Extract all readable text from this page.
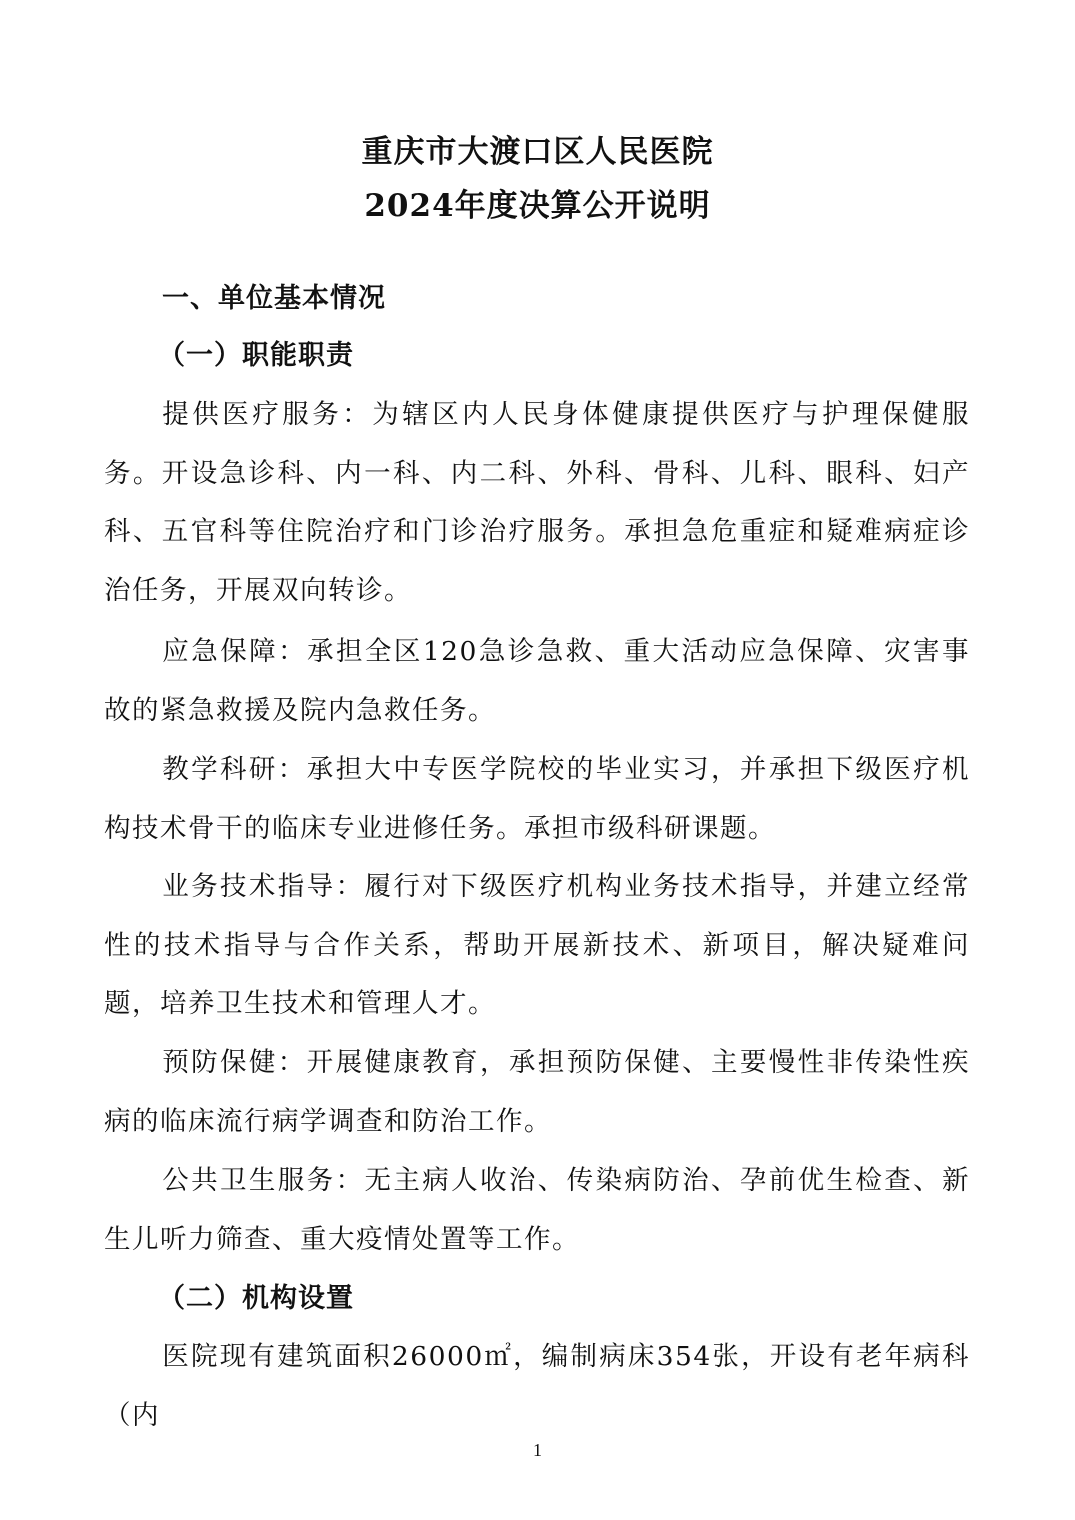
重庆市大渡口区人民医院
2024年度决算公开说明
一、单位基本情况
（一）职能职责
提供医疗服务：为辖区内人民身体健康提供医疗与护理保健服务。开设急诊科、内一科、内二科、外科、骨科、儿科、眼科、妇产科、五官科等住院治疗和门诊治疗服务。承担急危重症和疑难病症诊治任务，开展双向转诊。
应急保障：承担全区120急诊急救、重大活动应急保障、灾害事故的紧急救援及院内急救任务。
教学科研：承担大中专医学院校的毕业实习，并承担下级医疗机构技术骨干的临床专业进修任务。承担市级科研课题。
业务技术指导：履行对下级医疗机构业务技术指导，并建立经常性的技术指导与合作关系，帮助开展新技术、新项目，解决疑难问题，培养卫生技术和管理人才。
预防保健：开展健康教育，承担预防保健、主要慢性非传染性疾病的临床流行病学调查和防治工作。
公共卫生服务：无主病人收治、传染病防治、孕前优生检查、新生儿听力筛查、重大疫情处置等工作。
（二）机构设置
医院现有建筑面积26000㎡，编制病床354张，开设有老年病科（内
1
